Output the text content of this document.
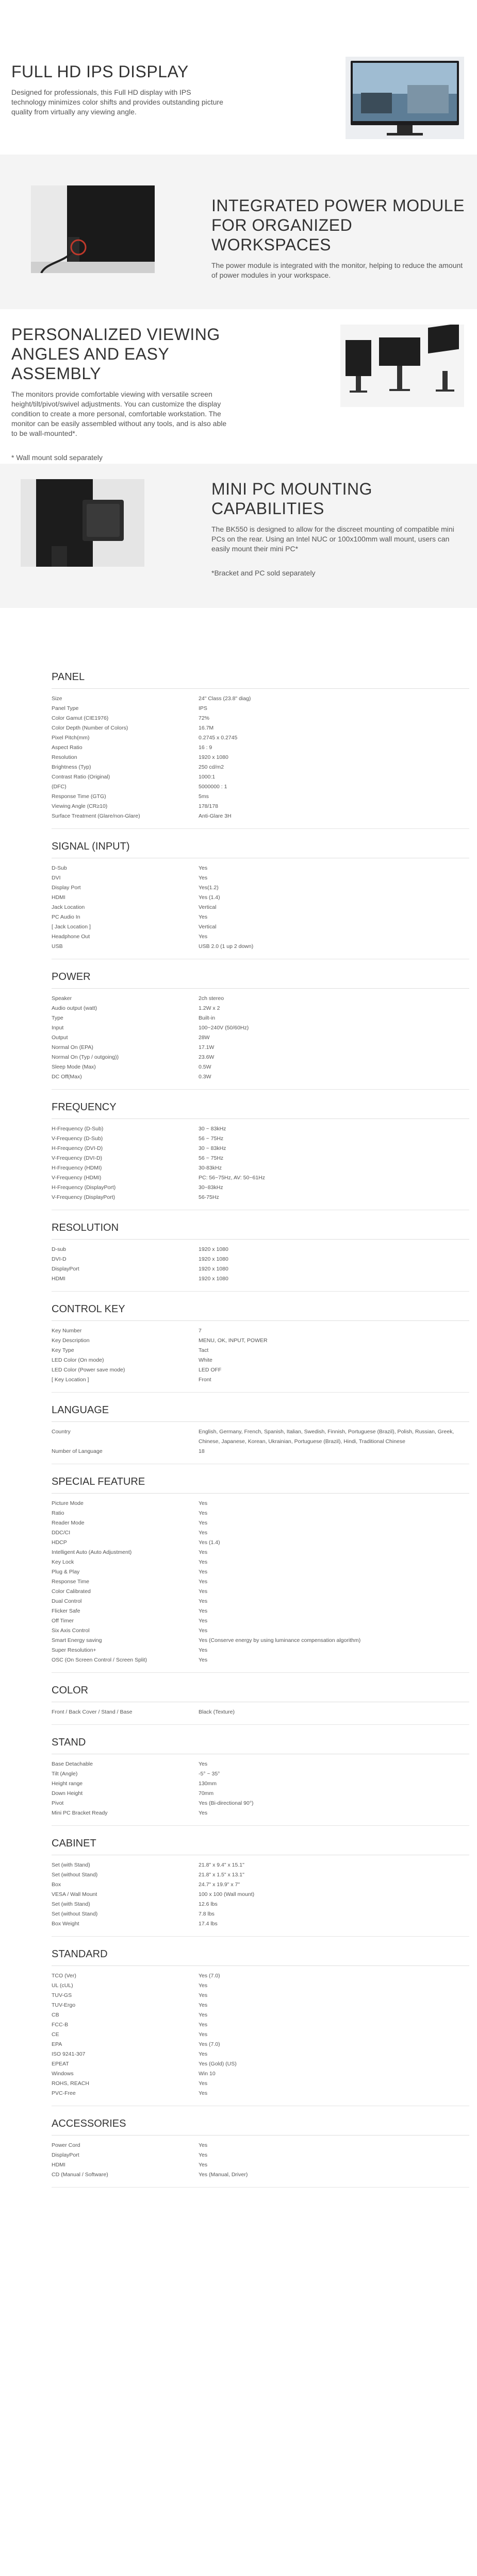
FULL HD IPS DISPLAY

Designed for professionals, this Full HD display with IPS technology minimizes color shifts and provides outstanding picture quality from virtually any viewing angle.

INTEGRATED POWER MODULE FOR ORGANIZED WORKSPACES

The power module is integrated with the monitor, helping to reduce the amount of power modules in your workspace.

PERSONALIZED VIEWING ANGLES AND EASY ASSEMBLY

The monitors provide comfortable viewing with versatile screen height/tilt/pivot/swivel adjustments. You can customize the display condition to create a more personal, comfortable workstation. The monitor can be easily assembled without any tools, and is also able to be wall-mounted*.

* Wall mount sold separately

MINI PC MOUNTING CAPABILITIES

The BK550 is designed to allow for the discreet mounting of compatible mini PCs on the rear. Using an Intel NUC or 100x100mm wall mount, users can easily mount their mini PC*

*Bracket and PC sold separately

PANEL
Size	24" Class (23.8" diag)
Panel Type	IPS
Color Gamut (CIE1976)	72%
Color Depth (Number of Colors)	16.7M
Pixel Pitch(mm)	0.2745 x 0.2745
Aspect Ratio	16 : 9
Resolution	1920 x 1080
Brightness (Typ)	250 cd/m2
Contrast Ratio (Original)	1000:1
(DFC)	5000000 : 1
Response Time (GTG)	5ms
Viewing Angle (CR≥10)	178/178
Surface Treatment (Glare/non-Glare)	Anti-Glare 3H
SIGNAL (INPUT)
D-Sub	Yes
DVI	Yes
Display Port	Yes(1.2)
HDMI	Yes (1.4)
Jack Location	Vertical
PC Audio In	Yes
[ Jack Location ]	Vertical
Headphone Out	Yes
USB	USB 2.0 (1 up 2 down)
POWER
Speaker	2ch stereo
Audio output (watt)	1.2W x 2
Type	Built-in
Input	100~240V (50/60Hz)
Output	28W
Normal On (EPA)	17.1W
Normal On (Typ / outgoing))	23.6W
Sleep Mode (Max)	0.5W
DC Off(Max)	0.3W
FREQUENCY
H-Frequency (D-Sub)	30 ~ 83kHz
V-Frequency (D-Sub)	56 ~ 75Hz
H-Frequency (DVI-D)	30 ~ 83kHz
V-Frequency (DVI-D)	56 ~ 75Hz
H-Frequency (HDMI)	30-83kHz
V-Frequency (HDMI)	PC: 56~75Hz, AV: 50~61Hz
H-Frequency (DisplayPort)	30~83kHz
V-Frequency (DisplayPort)	56-75Hz
RESOLUTION
D-sub	1920 x 1080
DVI-D	1920 x 1080
DisplayPort	1920 x 1080
HDMI	1920 x 1080
CONTROL KEY
Key Number	7
Key Description	MENU, OK, INPUT, POWER
Key Type	Tact
LED Color (On mode)	White
LED Color (Power save mode)	LED OFF
[ Key Location ]	Front
LANGUAGE
Country	English, Germany, French, Spanish, Italian, Swedish, Finnish, Portuguese (Brazil), Polish, Russian, Greek, Chinese, Japanese, Korean, Ukrainian, Portuguese (Brazil), Hindi, Traditional Chinese
Number of Language	18
SPECIAL FEATURE
Picture Mode	Yes
Ratio	Yes
Reader Mode	Yes
DDC/CI	Yes
HDCP	Yes (1.4)
Intelligent Auto (Auto Adjustment)	Yes
Key Lock	Yes
Plug & Play	Yes
Response Time	Yes
Color Calibrated	Yes
Dual Control	Yes
Flicker Safe	Yes
Off Timer	Yes
Six Axis Control	Yes
Smart Energy saving	Yes (Conserve energy by using luminance compensation algorithm)
Super Resolution+	Yes
OSC (On Screen Control / Screen Split)	Yes
COLOR
Front / Back Cover / Stand / Base	Black (Texture)
STAND
Base Detachable	Yes
Tilt (Angle)	-5° ~ 35°
Height range	130mm
Down Height	70mm
Pivot	Yes (Bi-directional 90°)
Mini PC Bracket Ready	Yes
CABINET
Set (with Stand)	21.8" x 9.4" x 15.1"
Set (without Stand)	21.8" x 1.5" x 13.1"
Box	24.7" x 19.9" x 7"
VESA / Wall Mount	100 x 100 (Wall mount)
Set (with Stand)	12.6 lbs
Set (without Stand)	7.8 lbs
Box Weight	17.4 lbs
STANDARD
TCO (Ver)	Yes (7.0)
UL (cUL)	Yes
TUV-GS	Yes
TUV-Ergo	Yes
CB	Yes
FCC-B	Yes
CE	Yes
EPA	Yes (7.0)
ISO 9241-307	Yes
EPEAT	Yes (Gold) (US)
Windows	Win 10
ROHS, REACH	Yes
PVC-Free	Yes
ACCESSORIES
Power Cord	Yes
DisplayPort	Yes
HDMI	Yes
CD (Manual / Software)	Yes (Manual, Driver)
